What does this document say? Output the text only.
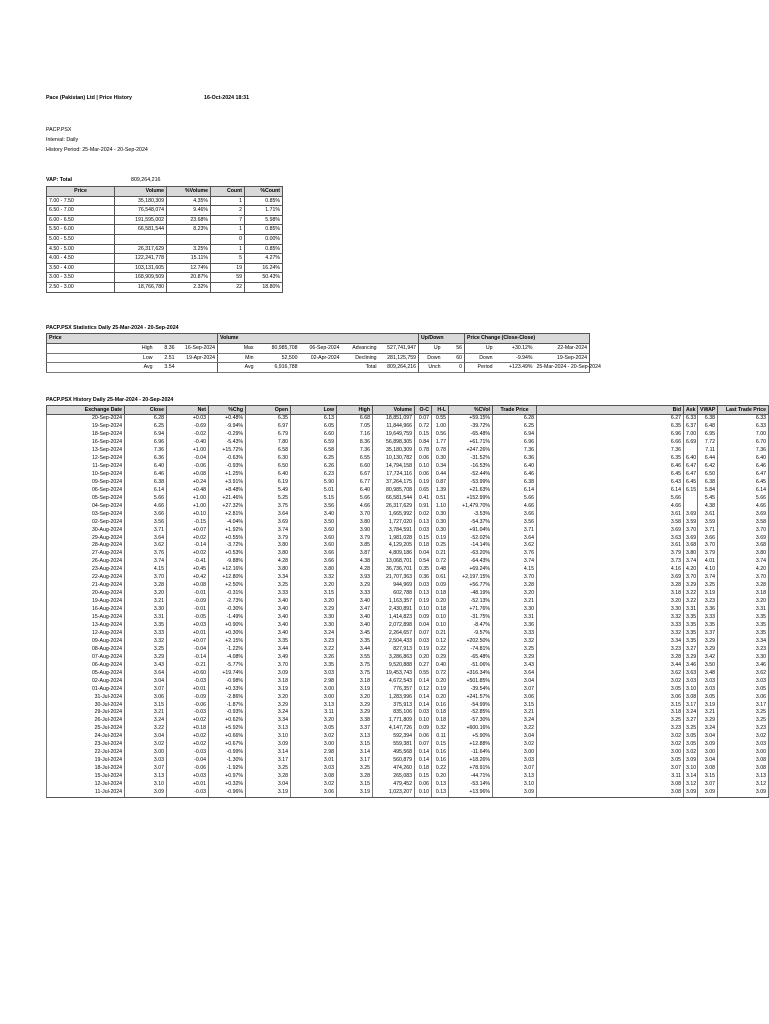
Pace (Pakistan) Ltd | Price History	16-Oct-2024 18:31
PACP.PSX
Interval: Daily
History Period: 25-Mar-2024 - 20-Sep-2024
VAP: Total	809,264,216
Price	Volume	%Volume	Count	%Count
7.00 - 7.50	35,180,309	4.35%	1	0.85%
6.50 - 7.00	76,548,074	9.46%	2	1.71%
6.00 - 6.50	191,595,002	23.68%	7	5.98%
5.50 - 6.00	66,581,544	8.23%	1	0.85%
5.00 - 5.50			0	0.00%
4.50 - 5.00	26,317,629	3.25%	1	0.85%
4.00 - 4.50	122,241,778	15.11%	5	4.27%
3.50 - 4.00	103,131,605	12.74%	19	16.24%
3.00 - 3.50	168,909,509	20.87%	59	50.43%
2.50 - 3.00	18,766,780	2.32%	22	18.80%
PACP.PSX Statistics Daily 25-Mar-2024 - 20-Sep-2024
Price			Volume					Up/Down		Price Change (Close-Close)		
High	8.36	16-Sep-2024	Max	80,985,708	06-Sep-2024	Advancing	527,741,947	Up	56	Up	+30.12%	22-Mar-2024
Low	2.51	19-Apr-2024	Min	52,500	02-Apr-2024	Declining	281,125,759	Down	60	Down	-9.94%	19-Sep-2024
Avg	3.54		Avg	6,916,788		Total	809,264,216	Unch	0	Period	+123.49%	25-Mar-2024 - 20-Sep-2024
PACP.PSX History Daily 25-Mar-2024 - 20-Sep-2024
Exchange Date	Close	Net	%Chg	Open	Low	High	Volume	O-C	H-L	%CVol	Trade Price	Bid	Ask	VWAP	Last Trade Price
20-Sep-2024	6.28	+0.03	+0.48%	6.35	6.13	6.68	18,851,097	0.07	0.55	+59.15%	6.28	6.27	6.33	6.38	6.33
19-Sep-2024	6.25	-0.69	-9.94%	6.97	6.05	7.05	11,844,966	0.72	1.00	-39.72%	6.25	6.35	6.37	6.48	6.33
18-Sep-2024	6.94	-0.02	-0.29%	6.79	6.60	7.16	19,649,759	0.15	0.56	-65.48%	6.94	6.96	7.00	6.95	7.00
16-Sep-2024	6.96	-0.40	-5.43%	7.80	6.59	8.36	56,898,305	0.84	1.77	+61.71%	6.96	6.66	6.69	7.72	6.70
13-Sep-2024	7.36	+1.00	+15.72%	6.58	6.58	7.36	35,180,309	0.78	0.78	+247.26%	7.36	7.36		7.11	7.36
12-Sep-2024	6.36	-0.04	-0.63%	6.30	6.25	6.55	10,130,782	0.06	0.30	-31.52%	6.36	6.35	6.40	6.44	6.40
11-Sep-2024	6.40	-0.06	-0.93%	6.50	6.26	6.60	14,794,158	0.10	0.34	-16.53%	6.40	6.46	6.47	6.42	6.46
10-Sep-2024	6.46	+0.08	+1.25%	6.40	6.23	6.67	17,724,116	0.06	0.44	-52.44%	6.46	6.45	6.47	6.50	6.47
09-Sep-2024	6.38	+0.24	+3.91%	6.19	5.90	6.77	37,264,175	0.19	0.87	-53.99%	6.38	6.43	6.45	6.38	6.45
06-Sep-2024	6.14	+0.48	+8.48%	5.49	5.01	6.40	80,985,708	0.65	1.39	+21.63%	6.14	6.14	6.15	5.84	6.14
05-Sep-2024	5.66	+1.00	+21.46%	5.25	5.15	5.66	66,581,544	0.41	0.51	+152.99%	5.66	5.66		5.45	5.66
04-Sep-2024	4.66	+1.00	+27.32%	3.75	3.56	4.66	26,317,629	0.91	1.10	+1,479.70%	4.66	4.66		4.38	4.66
03-Sep-2024	3.66	+0.10	+2.81%	3.64	3.40	3.70	1,665,992	0.02	0.30	-3.53%	3.66	3.61	3.69	3.61	3.69
02-Sep-2024	3.56	-0.15	-4.04%	3.69	3.50	3.80	1,727,020	0.13	0.30	-54.37%	3.56	3.58	3.59	3.59	3.58
30-Aug-2024	3.71	+0.07	+1.92%	3.74	3.60	3.90	3,784,591	0.03	0.30	+91.04%	3.71	3.69	3.70	3.71	3.70
29-Aug-2024	3.64	+0.02	+0.55%	3.79	3.60	3.79	1,981,028	0.15	0.19	-52.02%	3.64	3.63	3.69	3.66	3.69
28-Aug-2024	3.62	-0.14	-3.72%	3.80	3.60	3.85	4,129,205	0.18	0.25	-14.14%	3.62	3.61	3.68	3.70	3.68
27-Aug-2024	3.76	+0.02	+0.53%	3.80	3.66	3.87	4,809,186	0.04	0.21	-63.20%	3.76	3.79	3.80	3.79	3.80
26-Aug-2024	3.74	-0.41	-9.88%	4.28	3.66	4.38	13,068,701	0.54	0.72	-64.43%	3.74	3.73	3.74	4.01	3.74
23-Aug-2024	4.15	+0.45	+12.16%	3.80	3.80	4.28	36,736,701	0.35	0.48	+69.24%	4.15	4.16	4.20	4.10	4.20
22-Aug-2024	3.70	+0.42	+12.80%	3.34	3.32	3.93	21,707,363	0.36	0.61	+2,197.15%	3.70	3.69	3.70	3.74	3.70
21-Aug-2024	3.28	+0.08	+2.50%	3.25	3.20	3.29	944,969	0.03	0.09	+56.77%	3.28	3.28	3.29	3.25	3.28
20-Aug-2024	3.20	-0.01	-0.31%	3.33	3.15	3.33	602,788	0.13	0.18	-48.19%	3.20	3.18	3.22	3.19	3.18
19-Aug-2024	3.21	-0.09	-2.73%	3.40	3.20	3.40	1,163,357	0.19	0.20	-52.13%	3.21	3.20	3.22	3.23	3.20
16-Aug-2024	3.30	-0.01	-0.30%	3.40	3.29	3.47	2,430,891	0.10	0.18	+71.76%	3.30	3.30	3.31	3.36	3.31
15-Aug-2024	3.31	-0.05	-1.49%	3.40	3.30	3.40	1,414,823	0.09	0.10	-31.75%	3.31	3.32	3.35	3.33	3.35
13-Aug-2024	3.35	+0.03	+0.90%	3.40	3.30	3.40	2,072,898	0.04	0.10	-8.47%	3.36	3.33	3.35	3.35	3.35
12-Aug-2024	3.33	+0.01	+0.30%	3.40	3.24	3.45	2,264,657	0.07	0.21	-9.57%	3.33	3.32	3.35	3.37	3.35
09-Aug-2024	3.32	+0.07	+2.15%	3.35	3.23	3.35	2,504,433	0.03	0.12	+202.50%	3.32	3.34	3.35	3.29	3.34
08-Aug-2024	3.25	-0.04	-1.22%	3.44	3.22	3.44	827,913	0.19	0.22	-74.81%	3.25	3.23	3.27	3.29	3.23
07-Aug-2024	3.29	-0.14	-4.08%	3.49	3.26	3.55	3,286,863	0.20	0.29	-65.48%	3.29	3.28	3.29	3.42	3.30
06-Aug-2024	3.43	-0.21	-5.77%	3.70	3.35	3.75	9,520,888	0.27	0.40	-51.06%	3.43	3.44	3.46	3.50	3.46
05-Aug-2024	3.64	+0.60	+19.74%	3.09	3.03	3.75	19,453,743	0.55	0.72	+316.34%	3.64	3.62	3.63	3.48	3.62
02-Aug-2024	3.04	-0.03	-0.98%	3.18	2.98	3.18	4,672,543	0.14	0.20	+501.85%	3.04	3.02	3.03	3.03	3.03
01-Aug-2024	3.07	+0.01	+0.33%	3.19	3.00	3.19	776,357	0.12	0.19	-39.54%	3.07	3.05	3.10	3.03	3.05
31-Jul-2024	3.06	-0.09	-2.86%	3.20	3.00	3.20	1,283,996	0.14	0.20	+241.57%	3.06	3.06	3.08	3.05	3.06
30-Jul-2024	3.15	-0.06	-1.87%	3.29	3.13	3.29	375,913	0.14	0.16	-54.99%	3.15	3.15	3.17	3.19	3.17
29-Jul-2024	3.21	-0.03	-0.93%	3.24	3.11	3.29	835,106	0.03	0.18	-52.85%	3.21	3.18	3.24	3.21	3.25
26-Jul-2024	3.24	+0.02	+0.62%	3.34	3.20	3.38	1,771,809	0.10	0.18	-57.30%	3.24	3.25	3.27	3.29	3.25
25-Jul-2024	3.22	+0.18	+5.92%	3.13	3.05	3.37	4,147,726	0.09	0.32	+600.16%	3.22	3.23	3.25	3.24	3.23
24-Jul-2024	3.04	+0.02	+0.66%	3.10	3.02	3.13	592,394	0.06	0.11	+5.90%	3.04	3.02	3.05	3.04	3.02
23-Jul-2024	3.02	+0.02	+0.67%	3.09	3.00	3.15	559,381	0.07	0.15	+12.88%	3.02	3.02	3.05	3.09	3.03
22-Jul-2024	3.00	-0.03	-0.99%	3.14	2.98	3.14	495,568	0.14	0.16	-11.64%	3.00	3.00	3.02	3.00	3.00
19-Jul-2024	3.03	-0.04	-1.30%	3.17	3.01	3.17	560,879	0.14	0.16	+18.26%	3.03	3.05	3.09	3.04	3.08
18-Jul-2024	3.07	-0.06	-1.92%	3.25	3.03	3.25	474,260	0.18	0.22	+78.91%	3.07	3.07	3.10	3.08	3.08
15-Jul-2024	3.13	+0.03	+0.97%	3.28	3.08	3.28	265,083	0.15	0.20	-44.71%	3.13	3.11	3.14	3.15	3.13
12-Jul-2024	3.10	+0.01	+0.32%	3.04	3.02	3.15	479,452	0.06	0.13	-53.14%	3.10	3.08	3.12	3.07	3.12
11-Jul-2024	3.09	-0.03	-0.96%	3.19	3.06	3.19	1,023,207	0.10	0.13	+13.96%	3.09	3.08	3.09	3.09	3.09
